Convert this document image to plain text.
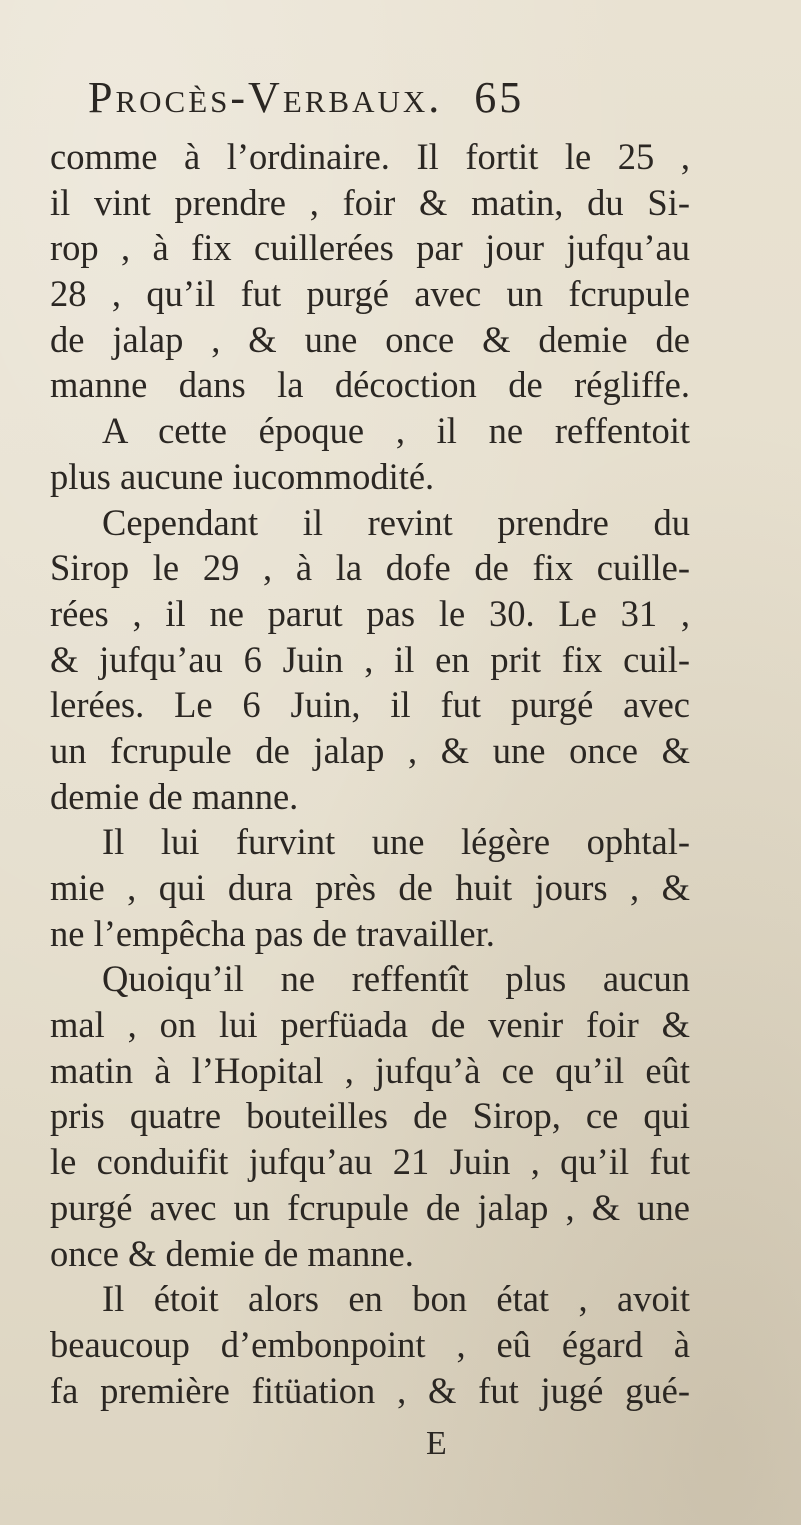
Procès-Verbaux. 65
comme à l’ordinaire. Il fortit le 25 ,
il vint prendre , foir & matin, du Si-
rop , à fix cuillerées par jour jufqu’au
28 , qu’il fut purgé avec un fcrupule
de jalap , & une once & demie de
manne dans la décoction de régliffe.
A cette époque , il ne reffentoit
plus aucune iucommodité.
Cependant il revint prendre du
Sirop le 29 , à la dofe de fix cuille-
rées , il ne parut pas le 30. Le 31 ,
& jufqu’au 6 Juin , il en prit fix cuil-
lerées. Le 6 Juin, il fut purgé avec
un fcrupule de jalap , & une once &
demie de manne.
Il lui furvint une légère ophtal-
mie , qui dura près de huit jours , &
ne l’empêcha pas de travailler.
Quoiqu’il ne reffentît plus aucun
mal , on lui perfüada de venir foir &
matin à l’Hopital , jufqu’à ce qu’il eût
pris quatre bouteilles de Sirop, ce qui
le conduifit jufqu’au 21 Juin , qu’il fut
purgé avec un fcrupule de jalap , & une
once & demie de manne.
Il étoit alors en bon état , avoit
beaucoup d’embonpoint , eû égard à
fa première fitüation , & fut jugé gué-
E
